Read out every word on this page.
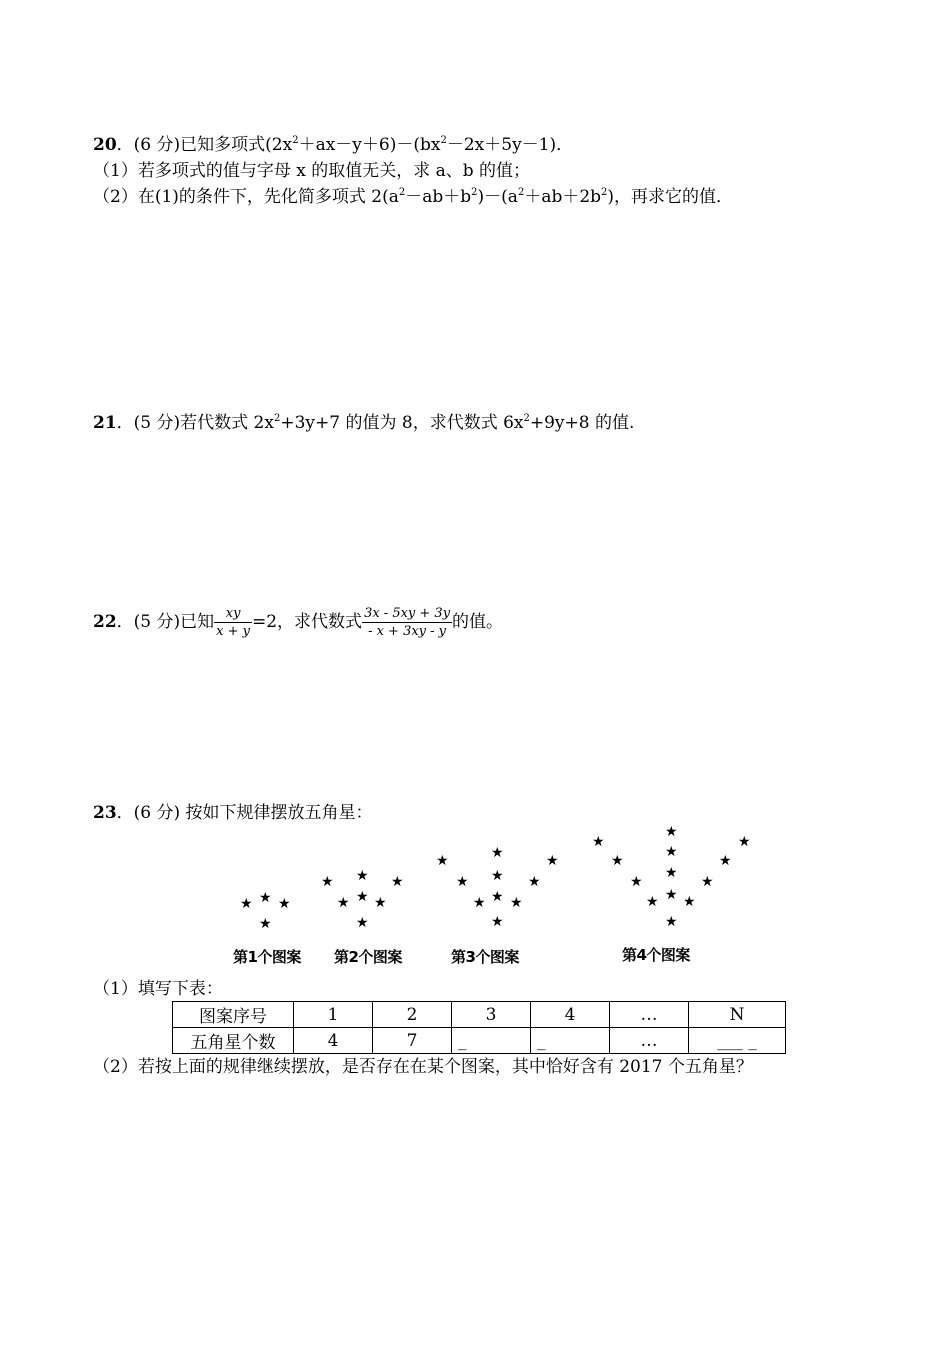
20．(6 分)已知多项式$(2x^2+ax-y+6)-(bx^2-2x+5y-1)$．
（1）若多项式的值与字母 x 的取值无关，求 a、b 的值；
（2）在(1)的条件下，先化简多项式 $2(a^2-ab+b^2)-(a^2+ab+2b^2)$，再求它的值．
21．(5 分)若代数式 $2x^2+3y+7$ 的值为 8，求代数式 $6x^2+9y+8$ 的值.
22．(5 分)已知 $\frac{xy}{x + y} =2$，求代数式 $\frac{3x - 5xy + 3y}{- x + 3xy - y}$ 的值。
23．(6 分) 按如下规律摆放五角星：
★ ★ ★
★
★
★
★
★
★
★
★
★
★
★
★
★
★
★
★
★
★
★
★
★
★
★
★
★
★
★
★
★
★
★
第1个图案 第2个图案	第3个图案	第4个图案
（1）填写下表：
图案序号	1	2	3	4	…	N
五角星个数	4	7	_	_	…	___ _
（2）若按上面的规律继续摆放，是否存在在某个图案，其中恰好含有 2017 个五角星？
